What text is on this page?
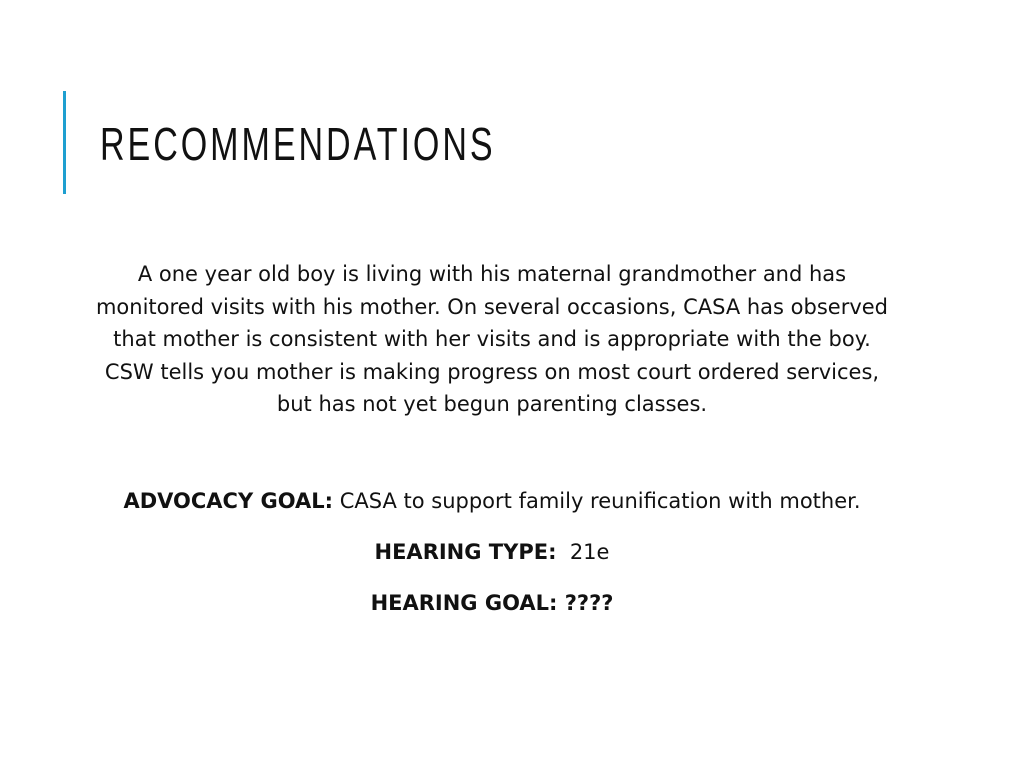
RECOMMENDATIONS

A one year old boy is living with his maternal grandmother and has monitored visits with his mother. On several occasions, CASA has observed that mother is consistent with her visits and is appropriate with the boy. CSW tells you mother is making progress on most court ordered services, but has not yet begun parenting classes.

ADVOCACY GOAL: CASA to support family reunification with mother.

HEARING TYPE:  21e

HEARING GOAL: ????
